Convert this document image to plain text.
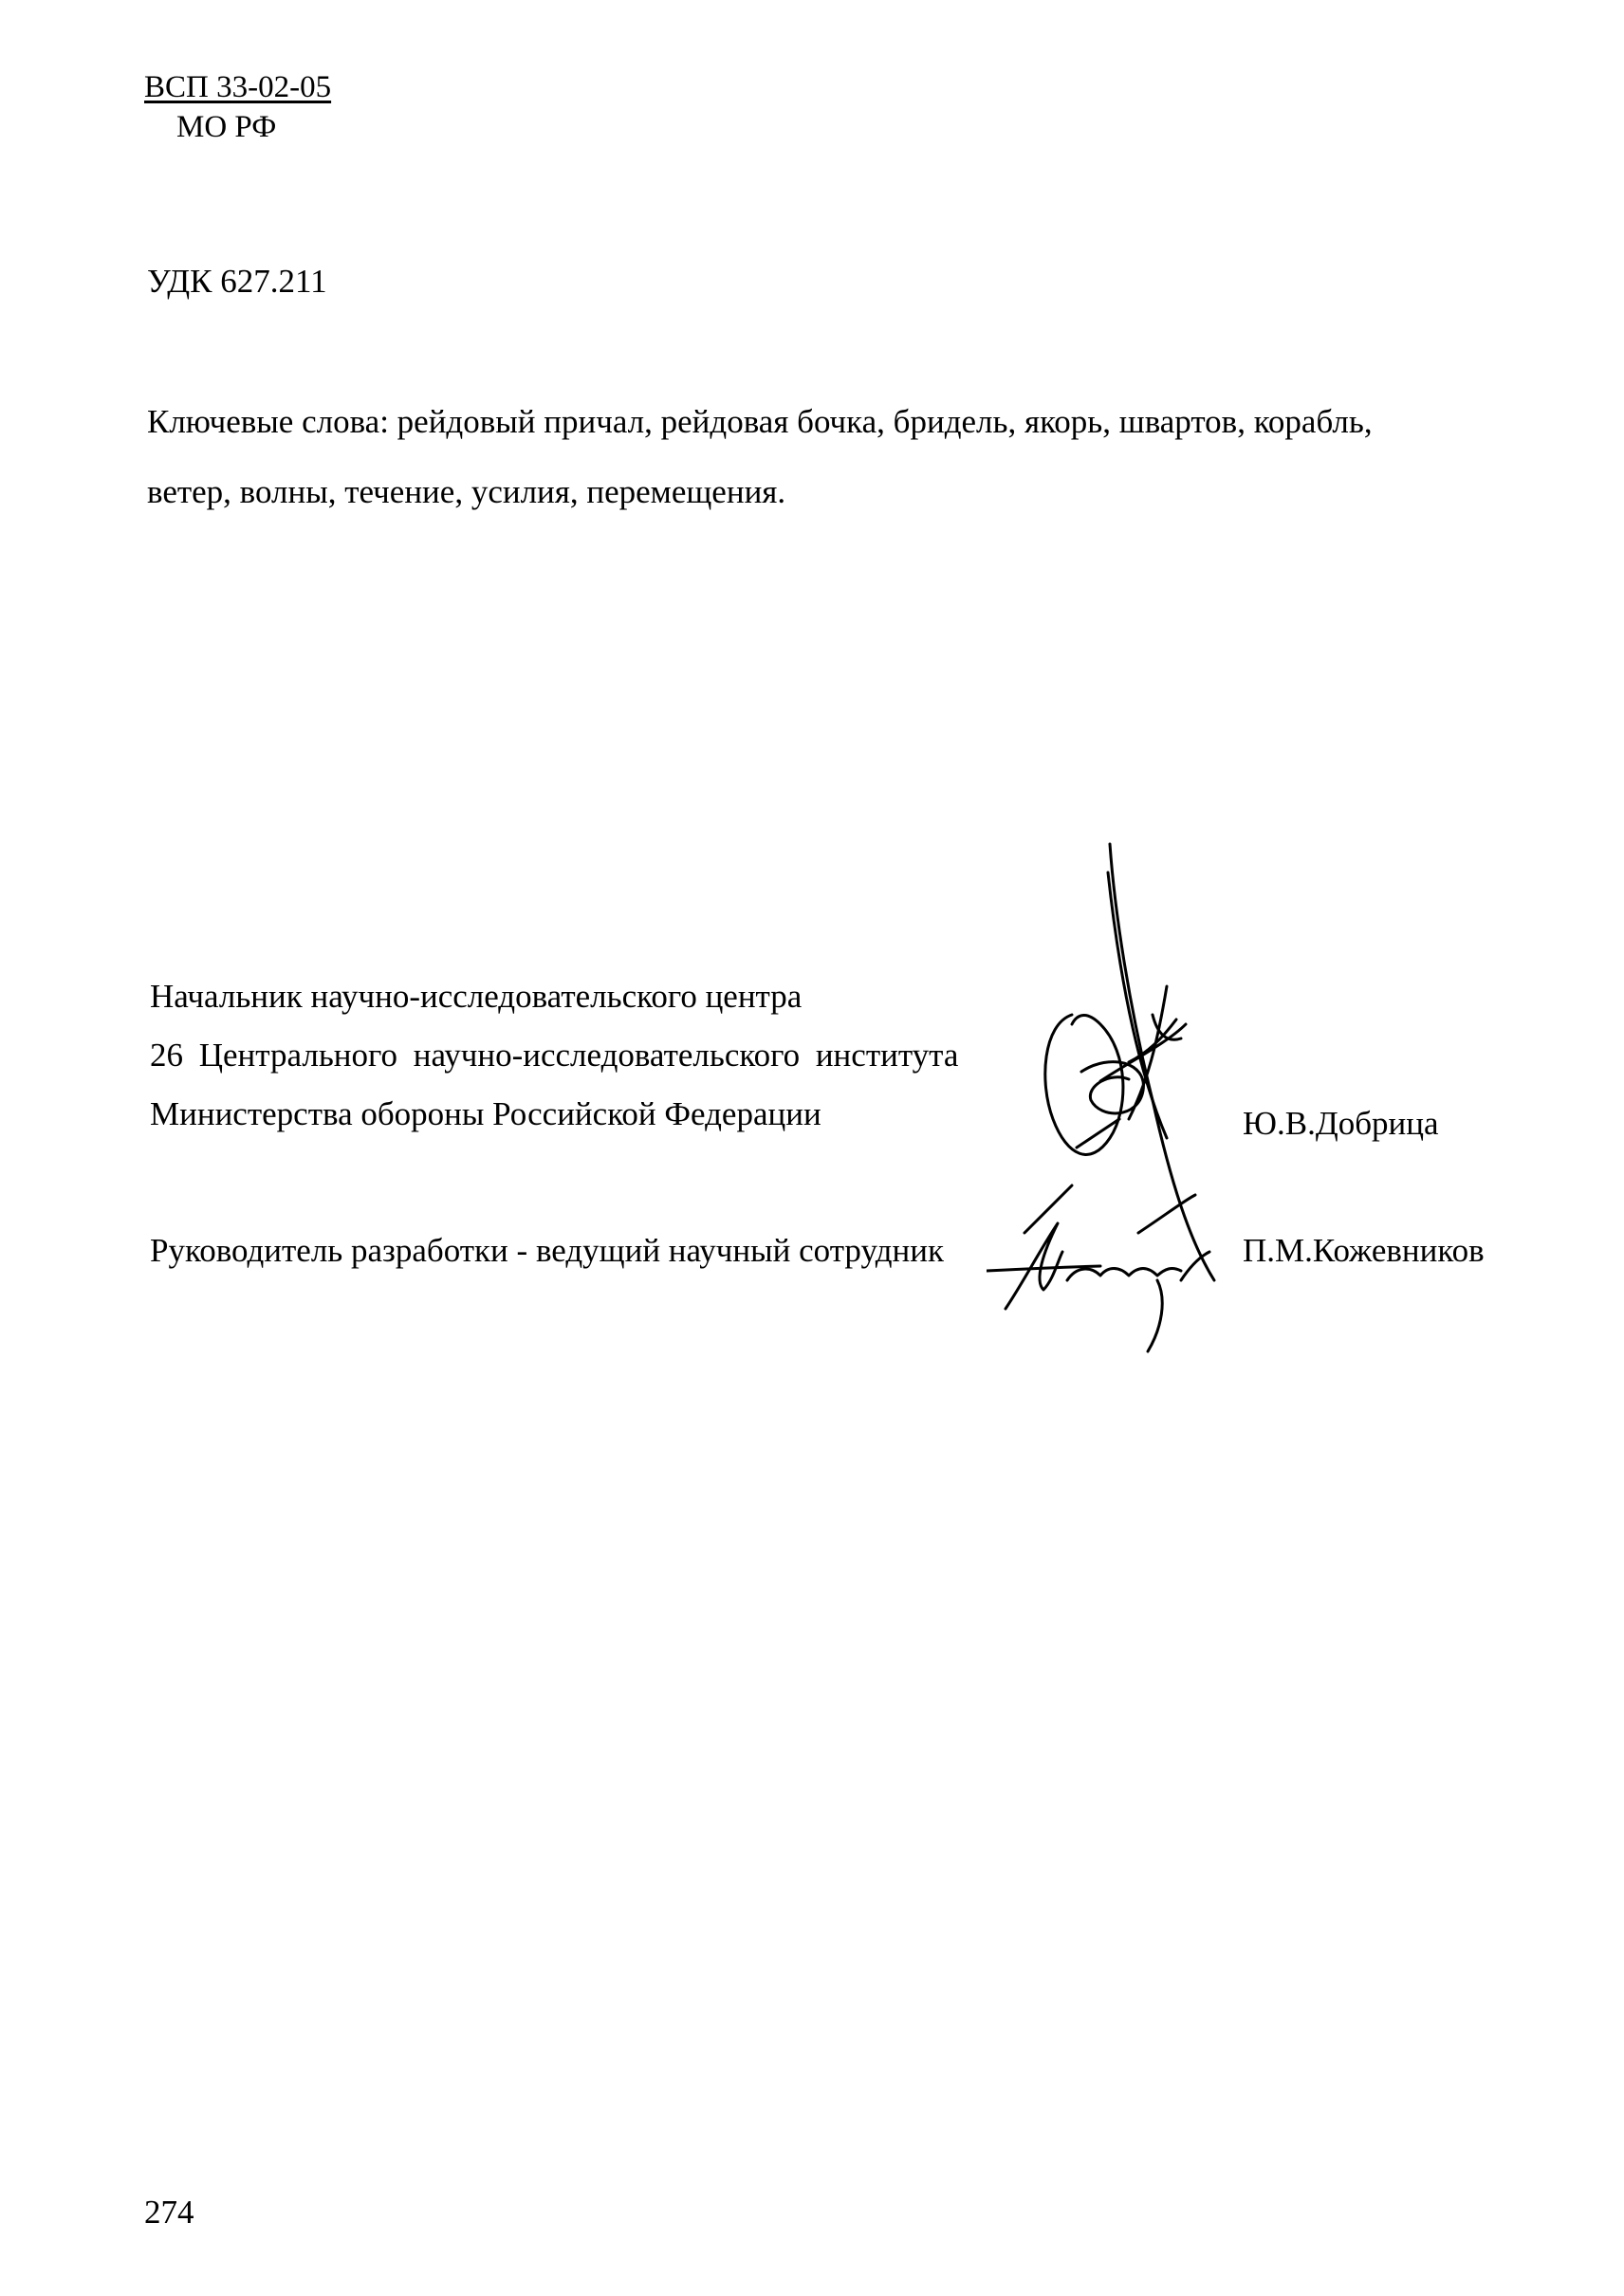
ВСП 33-02-05
МО РФ
УДК 627.211
Ключевые слова: рейдовый причал, рейдовая бочка, бридель, якорь, швартов, корабль,
ветер, волны, течение, усилия, перемещения.
Начальник научно-исследовательского центра
26 Центрального научно-исследовательского института
Министерства обороны Российской Федерации	Ю.В.Добрица
Руководитель разработки - ведущий научный сотрудник	П.М.Кожевников
274
